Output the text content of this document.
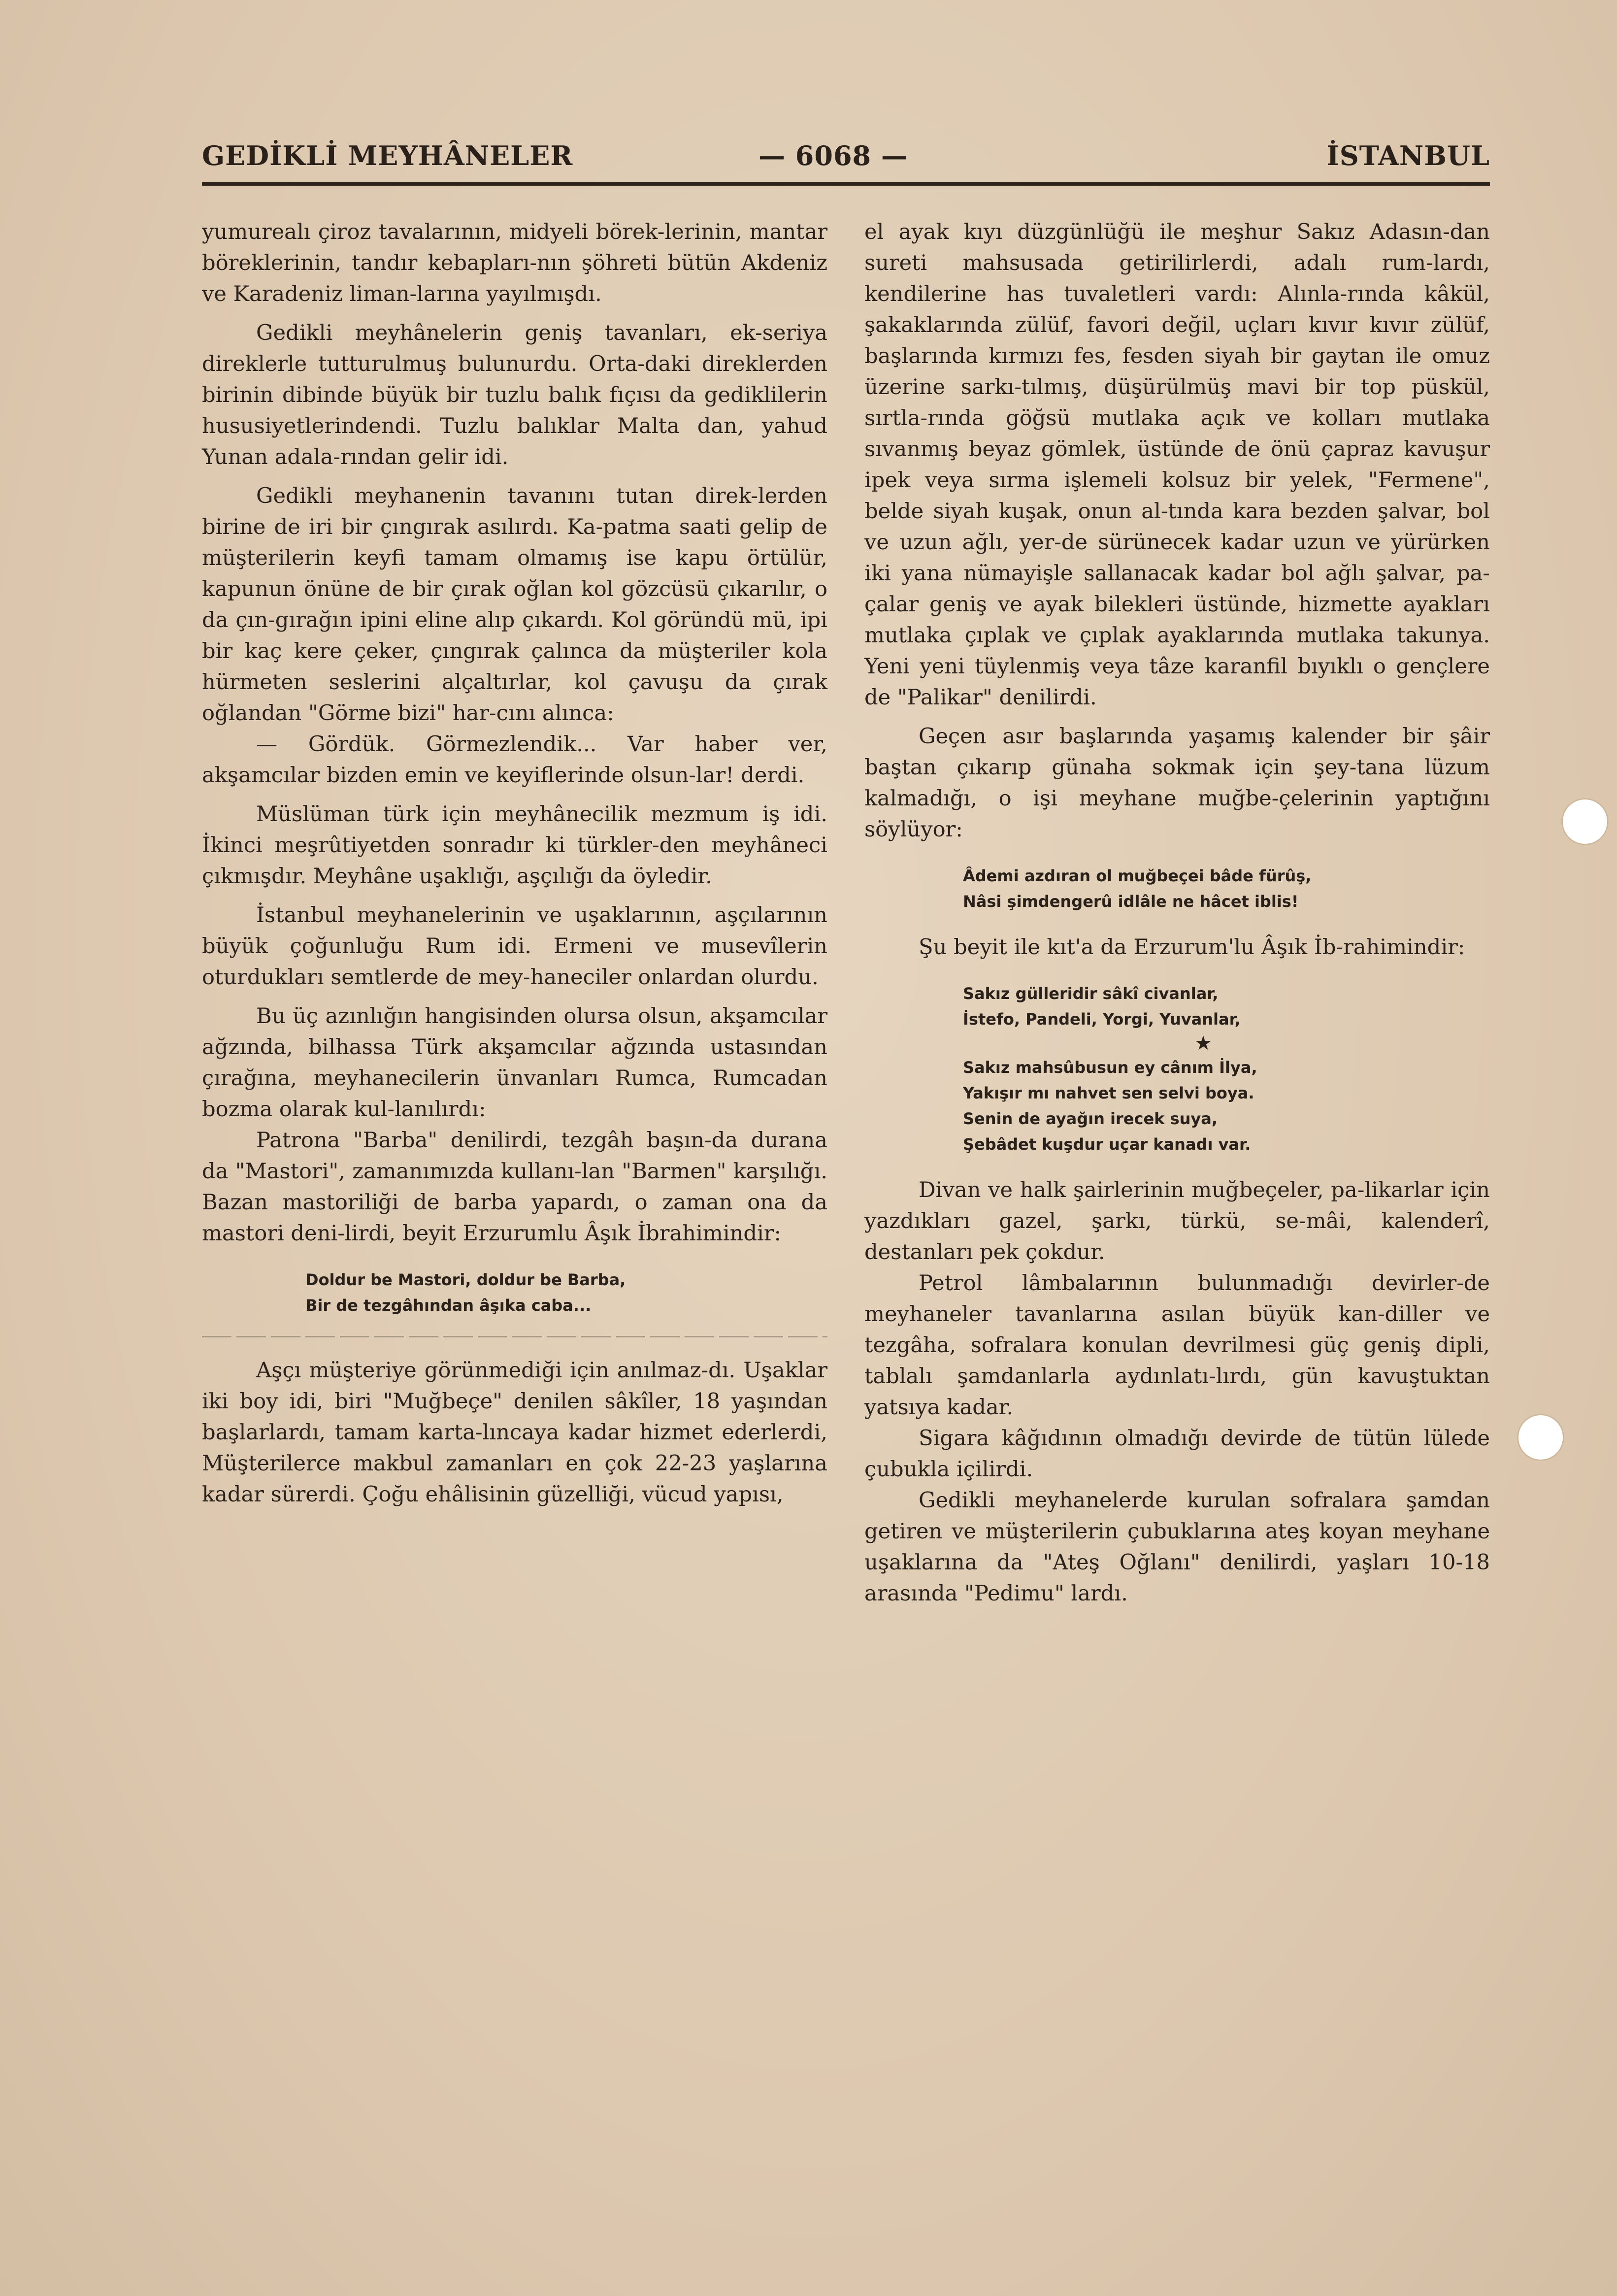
GEDİKLİ MEYHÂNELER	— 6068 —	İSTANBUL

yumurealı çiroz tavalarının, midyeli börek-lerinin, mantar böreklerinin, tandır kebapları-nın şöhreti bütün Akdeniz ve Karadeniz liman-larına yayılmışdı.

Gedikli meyhânelerin geniş tavanları, ek-seriya direklerle tutturulmuş bulunurdu. Orta-daki direklerden birinin dibinde büyük bir tuzlu balık fıçısı da gediklilerin hususiyetlerindendi. Tuzlu balıklar Malta dan, yahud Yunan adala-rından gelir idi.

Gedikli meyhanenin tavanını tutan direk-lerden birine de iri bir çıngırak asılırdı. Ka-patma saati gelip de müşterilerin keyfi tamam olmamış ise kapu örtülür, kapunun önüne de bir çırak oğlan kol gözcüsü çıkarılır, o da çın-gırağın ipini eline alıp çıkardı. Kol göründü mü, ipi bir kaç kere çeker, çıngırak çalınca da müşteriler kola hürmeten seslerini alçaltırlar, kol çavuşu da çırak oğlandan "Görme bizi" har-cını alınca:

— Gördük. Görmezlendik... Var haber ver, akşamcılar bizden emin ve keyiflerinde olsun-lar! derdi.

Müslüman türk için meyhânecilik mezmum iş idi. İkinci meşrûtiyetden sonradır ki türkler-den meyhâneci çıkmışdır. Meyhâne uşaklığı, aşçılığı da öyledir.

İstanbul meyhanelerinin ve uşaklarının, aşçılarının büyük çoğunluğu Rum idi. Ermeni ve musevîlerin oturdukları semtlerde de mey-haneciler onlardan olurdu.

Bu üç azınlığın hangisinden olursa olsun, akşamcılar ağzında, bilhassa Türk akşamcılar ağzında ustasından çırağına, meyhanecilerin ünvanları Rumca, Rumcadan bozma olarak kul-lanılırdı:

Patrona "Barba" denilirdi, tezgâh başın-da durana da "Mastori", zamanımızda kullanı-lan "Barmen" karşılığı. Bazan mastoriliği de barba yapardı, o zaman ona da mastori deni-lirdi, beyit Erzurumlu Âşık İbrahimindir:

Doldur be Mastori, doldur be Barba,
Bir de tezgâhından âşıka caba...

Aşçı müşteriye görünmediği için anılmaz-dı. Uşaklar iki boy idi, biri "Muğbeçe" denilen sâkîler, 18 yaşından başlarlardı, tamam karta-lıncaya kadar hizmet ederlerdi, Müşterilerce makbul zamanları en çok 22-23 yaşlarına kadar sürerdi. Çoğu ehâlisinin güzelliği, vücud yapısı,

el ayak kıyı düzgünlüğü ile meşhur Sakız Adasın-dan sureti mahsusada getirilirlerdi, adalı rum-lardı, kendilerine has tuvaletleri vardı: Alınla-rında kâkül, şakaklarında zülüf, favori değil, uçları kıvır kıvır zülüf, başlarında kırmızı fes, fesden siyah bir gaytan ile omuz üzerine sarkı-tılmış, düşürülmüş mavi bir top püskül, sırtla-rında göğsü mutlaka açık ve kolları mutlaka sıvanmış beyaz gömlek, üstünde de önü çapraz kavuşur ipek veya sırma işlemeli kolsuz bir yelek, "Fermene", belde siyah kuşak, onun al-tında kara bezden şalvar, bol ve uzun ağlı, yer-de sürünecek kadar uzun ve yürürken iki yana nümayişle sallanacak kadar bol ağlı şalvar, pa-çalar geniş ve ayak bilekleri üstünde, hizmette ayakları mutlaka çıplak ve çıplak ayaklarında mutlaka takunya. Yeni yeni tüylenmiş veya tâze karanfil bıyıklı o gençlere de "Palikar" denilirdi.

Geçen asır başlarında yaşamış kalender bir şâir baştan çıkarıp günaha sokmak için şey-tana lüzum kalmadığı, o işi meyhane muğbe-çelerinin yaptığını söylüyor:

Âdemi azdıran ol muğbeçei bâde fürûş,
Nâsi şimdengerû idlâle ne hâcet iblis!

Şu beyit ile kıt'a da Erzurum'lu Âşık İb-rahimindir:

Sakız güllerid͏ir sâkî civanlar,
İstefo, Pandeli, Yorgi, Yuvanlar,
★
Sakız mahsûbusun ey cânım İlya,
Yakışır mı nahvet sen selvi boya.
Senin de ayağın irecek suya,
Şebâdet kuşdur uçar kanadı var.

Divan ve halk şairlerinin muğbeçeler, pa-likarlar için yazdıkları gazel, şarkı, türkü, se-mâi, kalenderî, destanları pek çokdur.

Petrol lâmbalarının bulunmadığı devirler-de meyhaneler tavanlarına asılan büyük kan-diller ve tezgâha, sofralara konulan devrilmesi güç geniş dipli, tablalı şamdanlarla aydınlatı-lırdı, gün kavuştuktan yatsıya kadar.

Sigara kâğıdının olmadığı devirde de tütün lülede çubukla içilirdi.

Gedikli meyhanelerde kurulan sofralara şamdan getiren ve müşterilerin çubuklarına ateş koyan meyhane uşaklarına da "Ateş Oğlanı" denilirdi, yaşları 10-18 arasında "Pedimu" lardı.
